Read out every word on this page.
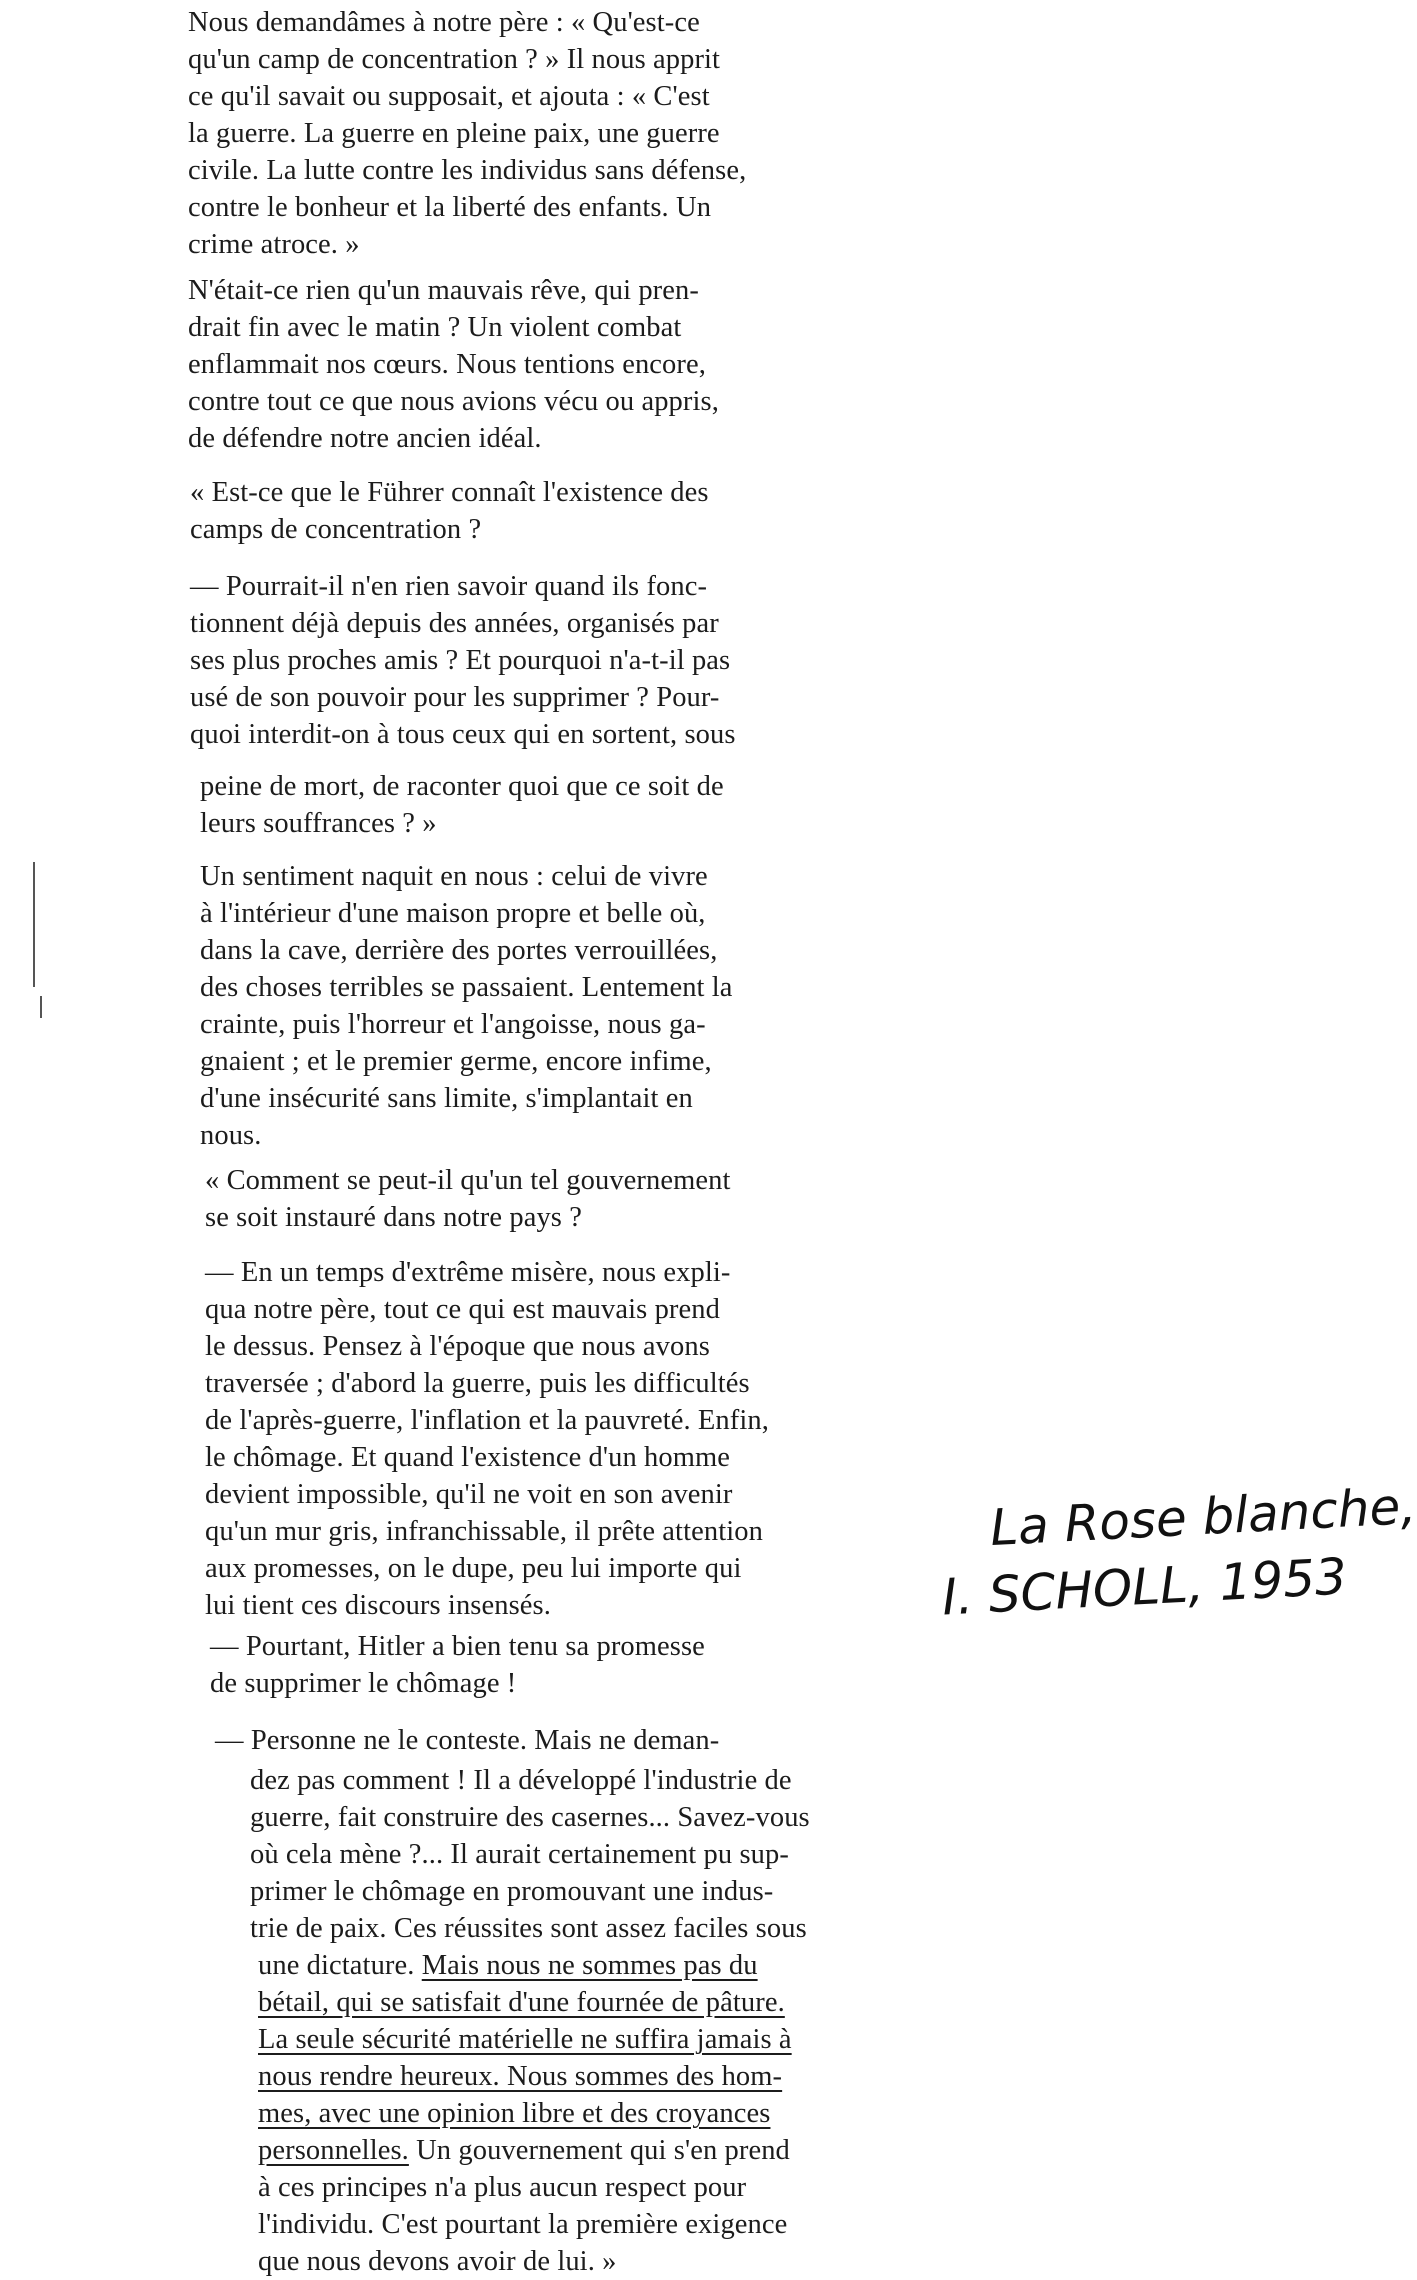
Nous demandâmes à notre père : « Qu'est-ce
qu'un camp de concentration ? » Il nous apprit
ce qu'il savait ou supposait, et ajouta : « C'est
la guerre. La guerre en pleine paix, une guerre
civile. La lutte contre les individus sans défense,
contre le bonheur et la liberté des enfants. Un
crime atroce. »
N'était-ce rien qu'un mauvais rêve, qui pren-
drait fin avec le matin ? Un violent combat
enflammait nos cœurs. Nous tentions encore,
contre tout ce que nous avions vécu ou appris,
de défendre notre ancien idéal.
« Est-ce que le Führer connaît l'existence des
camps de concentration ?
— Pourrait-il n'en rien savoir quand ils fonc-
tionnent déjà depuis des années, organisés par
ses plus proches amis ? Et pourquoi n'a-t-il pas
usé de son pouvoir pour les supprimer ? Pour-
quoi interdit-on à tous ceux qui en sortent, sous
peine de mort, de raconter quoi que ce soit de
leurs souffrances ? »
Un sentiment naquit en nous : celui de vivre
à l'intérieur d'une maison propre et belle où,
dans la cave, derrière des portes verrouillées,
des choses terribles se passaient. Lentement la
crainte, puis l'horreur et l'angoisse, nous ga-
gnaient ; et le premier germe, encore infime,
d'une insécurité sans limite, s'implantait en
nous.
« Comment se peut-il qu'un tel gouvernement
se soit instauré dans notre pays ?
— En un temps d'extrême misère, nous expli-
qua notre père, tout ce qui est mauvais prend
le dessus. Pensez à l'époque que nous avons
traversée ; d'abord la guerre, puis les difficultés
de l'après-guerre, l'inflation et la pauvreté. Enfin,
le chômage. Et quand l'existence d'un homme
devient impossible, qu'il ne voit en son avenir
qu'un mur gris, infranchissable, il prête attention
aux promesses, on le dupe, peu lui importe qui
lui tient ces discours insensés.
— Pourtant, Hitler a bien tenu sa promesse
de supprimer le chômage !
— Personne ne le conteste. Mais ne deman-
dez pas comment ! Il a développé l'industrie de
guerre, fait construire des casernes... Savez-vous
où cela mène ?... Il aurait certainement pu sup-
primer le chômage en promouvant une indus-
trie de paix. Ces réussites sont assez faciles sous
une dictature. Mais nous ne sommes pas du
bétail, qui se satisfait d'une fournée de pâture.
La seule sécurité matérielle ne suffira jamais à
nous rendre heureux. Nous sommes des hom-
mes, avec une opinion libre et des croyances
personnelles. Un gouvernement qui s'en prend
à ces principes n'a plus aucun respect pour
l'individu. C'est pourtant la première exigence
que nous devons avoir de lui. »
La Rose blanche,
I. SCHOLL, 1953
